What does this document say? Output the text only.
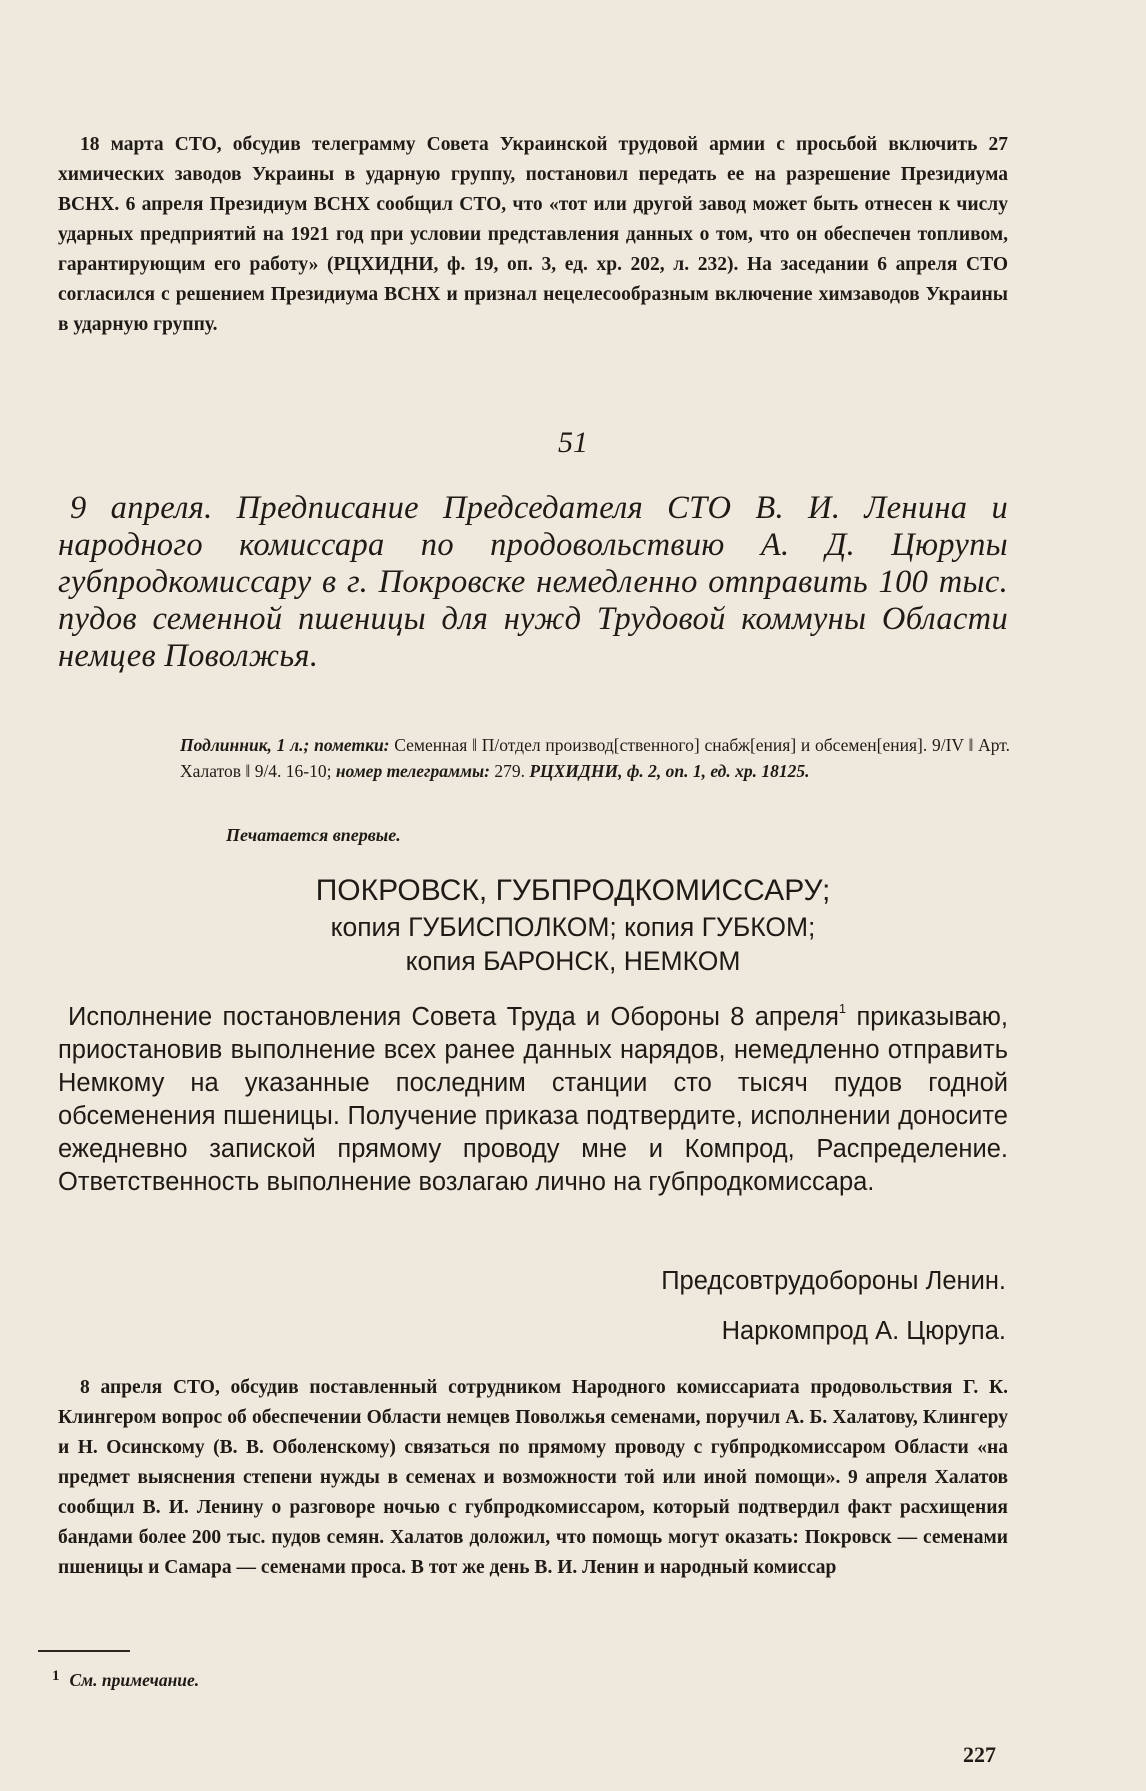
18 марта СТО, обсудив телеграмму Совета Украинской трудовой армии с просьбой включить 27 химических заводов Украины в ударную группу, постановил передать ее на разрешение Президиума ВСНХ. 6 апреля Президиум ВСНХ сообщил СТО, что «тот или другой завод может быть отнесен к числу ударных предприятий на 1921 год при условии представления данных о том, что он обеспечен топливом, гарантирующим его работу» (РЦХИДНИ, ф. 19, оп. 3, ед. хр. 202, л. 232). На заседании 6 апреля СТО согласился с решением Президиума ВСНХ и признал нецелесообразным включение химзаводов Украины в ударную группу.

51
9 апреля. Предписание Председателя СТО В. И. Ленина и народного комиссара по продовольствию А. Д. Цюрупы губпродкомиссару в г. Покровске немедленно отправить 100 тыс. пудов семенной пшеницы для нужд Трудовой коммуны Области немцев Поволжья.
Подлинник, 1 л.; пометки: Семенная ‖ П/отдел производ[ственного] снабж[ения] и обсемен[ения]. 9/IV ‖ Арт. Халатов ‖ 9/4. 16-10; номер телеграммы: 279. РЦХИДНИ, ф. 2, оп. 1, ед. хр. 18125.
Печатается впервые.
ПОКРОВСК, ГУБПРОДКОМИССАРУ;
копия ГУБИСПОЛКОМ; копия ГУБКОМ;
копия БАРОНСК, НЕМКОМ

Исполнение постановления Совета Труда и Обороны 8 апреля$^1$ приказываю, приостановив выполнение всех ранее данных нарядов, немедленно отправить Немкому на указанные последним станции сто тысяч пудов годной обсеменения пшеницы. Получение приказа подтвердите, исполнении доносите ежедневно запиской прямому проводу мне и Компрод, Распределение. Ответственность выполнение возлагаю лично на губпродкомиссара.

Предсовтрудобороны Ленин.
Наркомпрод А. Цюрупа.

8 апреля СТО, обсудив поставленный сотрудником Народного комиссариата продовольствия Г. К. Клингером вопрос об обеспечении Области немцев Поволжья семенами, поручил А. Б. Халатову, Клингеру и Н. Осинскому (В. В. Оболенскому) связаться по прямому проводу с губпродкомиссаром Области «на предмет выяснения степени нужды в семенах и возможности той или иной помощи». 9 апреля Халатов сообщил В. И. Ленину о разговоре ночью с губпродкомиссаром, который подтвердил факт расхищения бандами более 200 тыс. пудов семян. Халатов доложил, что помощь могут оказать: Покровск — семенами пшеницы и Самара — семенами проса. В тот же день В. И. Ленин и народный комиссар

1 См. примечание.
227
